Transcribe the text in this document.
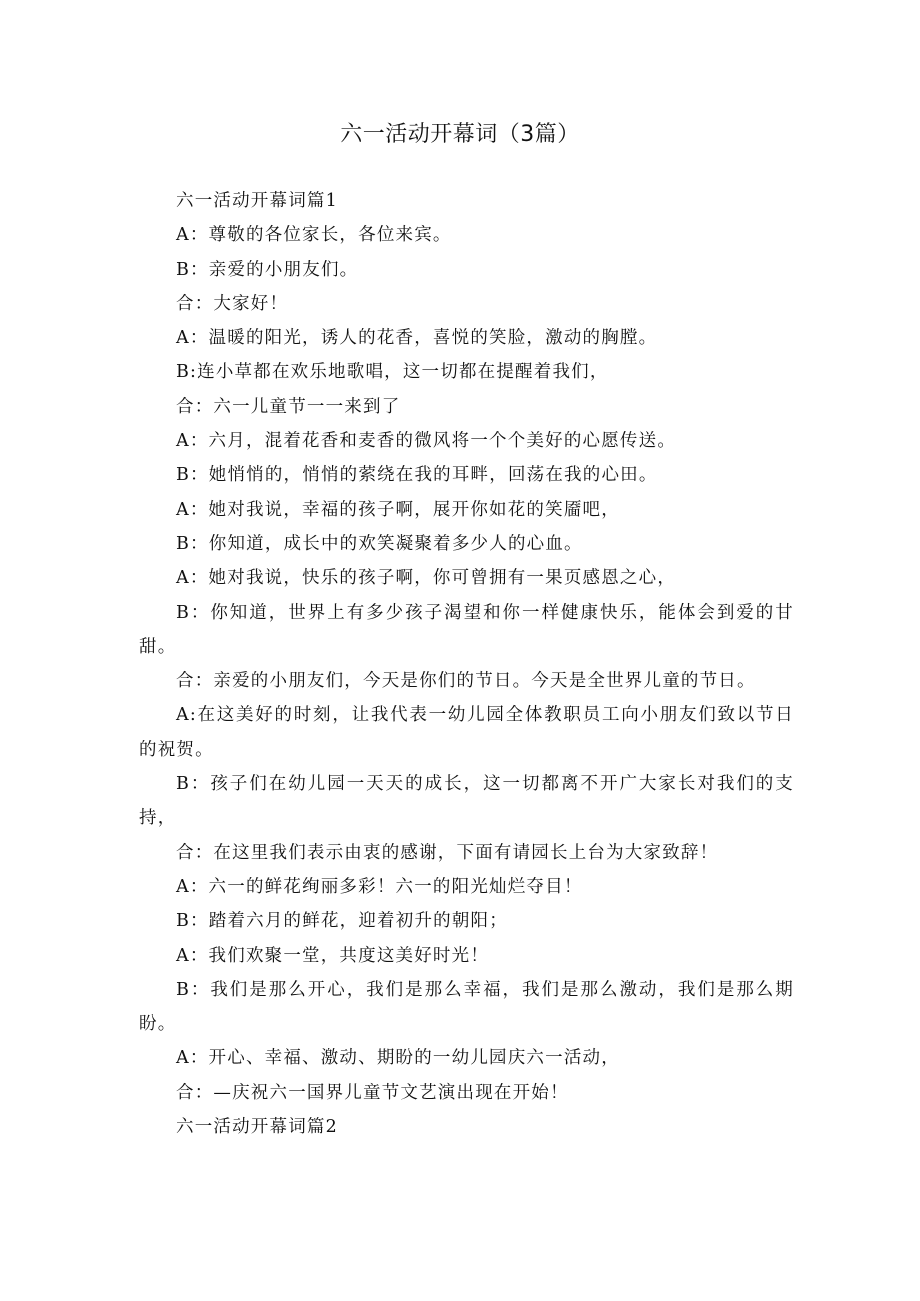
六一活动开幕词（3篇）

六一活动开幕词篇1

A：尊敬的各位家长，各位来宾。

B：亲爱的小朋友们。

合：大家好！

A：温暖的阳光，诱人的花香，喜悦的笑脸，激动的胸膛。

B:连小草都在欢乐地歌唱，这一切都在提醒着我们，

合：六一儿童节一一来到了

A：六月，混着花香和麦香的微风将一个个美好的心愿传送。

B：她悄悄的，悄悄的萦绕在我的耳畔，回荡在我的心田。

A：她对我说，幸福的孩子啊，展开你如花的笑靥吧，

B：你知道，成长中的欢笑凝聚着多少人的心血。

A：她对我说，快乐的孩子啊，你可曾拥有一果页感恩之心，

B：你知道，世界上有多少孩子渴望和你一样健康快乐，能体会到爱的甘甜。

合：亲爱的小朋友们，今天是你们的节日。今天是全世界儿童的节日。

A:在这美好的时刻，让我代表一幼儿园全体教职员工向小朋友们致以节日的祝贺。

B：孩子们在幼儿园一天天的成长，这一切都离不开广大家长对我们的支持，

合：在这里我们表示由衷的感谢，下面有请园长上台为大家致辞！

A：六一的鲜花绚丽多彩！六一的阳光灿烂夺目！

B：踏着六月的鲜花，迎着初升的朝阳；

A：我们欢聚一堂，共度这美好时光！

B：我们是那么开心，我们是那么幸福，我们是那么激动，我们是那么期盼。

A：开心、幸福、激动、期盼的一幼儿园庆六一活动，

合：—庆祝六一国界儿童节文艺演出现在开始！

六一活动开幕词篇2
